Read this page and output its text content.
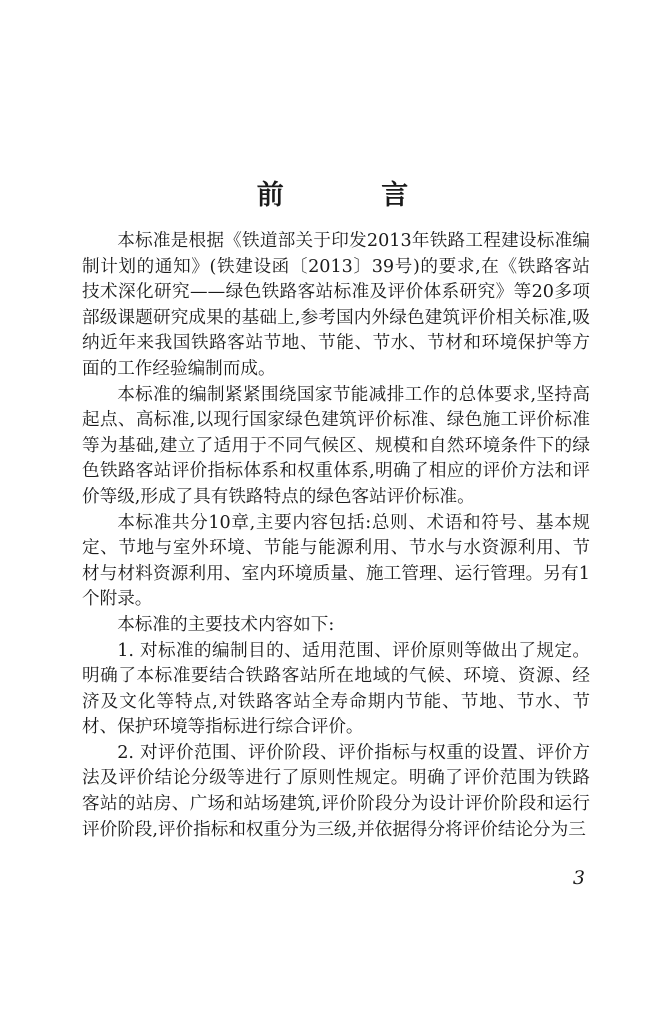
前 言

本标准是根据《铁道部关于印发2013年铁路工程建设标准编制计划的通知》(铁建设函〔2013〕39号)的要求,在《铁路客站技术深化研究——绿色铁路客站标准及评价体系研究》等20多项部级课题研究成果的基础上,参考国内外绿色建筑评价相关标准,吸纳近年来我国铁路客站节地、节能、节水、节材和环境保护等方面的工作经验编制而成。

本标准的编制紧紧围绕国家节能减排工作的总体要求,坚持高起点、高标准,以现行国家绿色建筑评价标准、绿色施工评价标准等为基础,建立了适用于不同气候区、规模和自然环境条件下的绿色铁路客站评价指标体系和权重体系,明确了相应的评价方法和评价等级,形成了具有铁路特点的绿色客站评价标准。

本标准共分10章,主要内容包括:总则、术语和符号、基本规定、节地与室外环境、节能与能源利用、节水与水资源利用、节材与材料资源利用、室内环境质量、施工管理、运行管理。另有1个附录。

本标准的主要技术内容如下:

1. 对标准的编制目的、适用范围、评价原则等做出了规定。明确了本标准要结合铁路客站所在地域的气候、环境、资源、经济及文化等特点,对铁路客站全寿命期内节能、节地、节水、节材、保护环境等指标进行综合评价。

2. 对评价范围、评价阶段、评价指标与权重的设置、评价方法及评价结论分级等进行了原则性规定。明确了评价范围为铁路客站的站房、广场和站场建筑,评价阶段分为设计评价阶段和运行评价阶段,评价指标和权重分为三级,并依据得分将评价结论分为三

3
